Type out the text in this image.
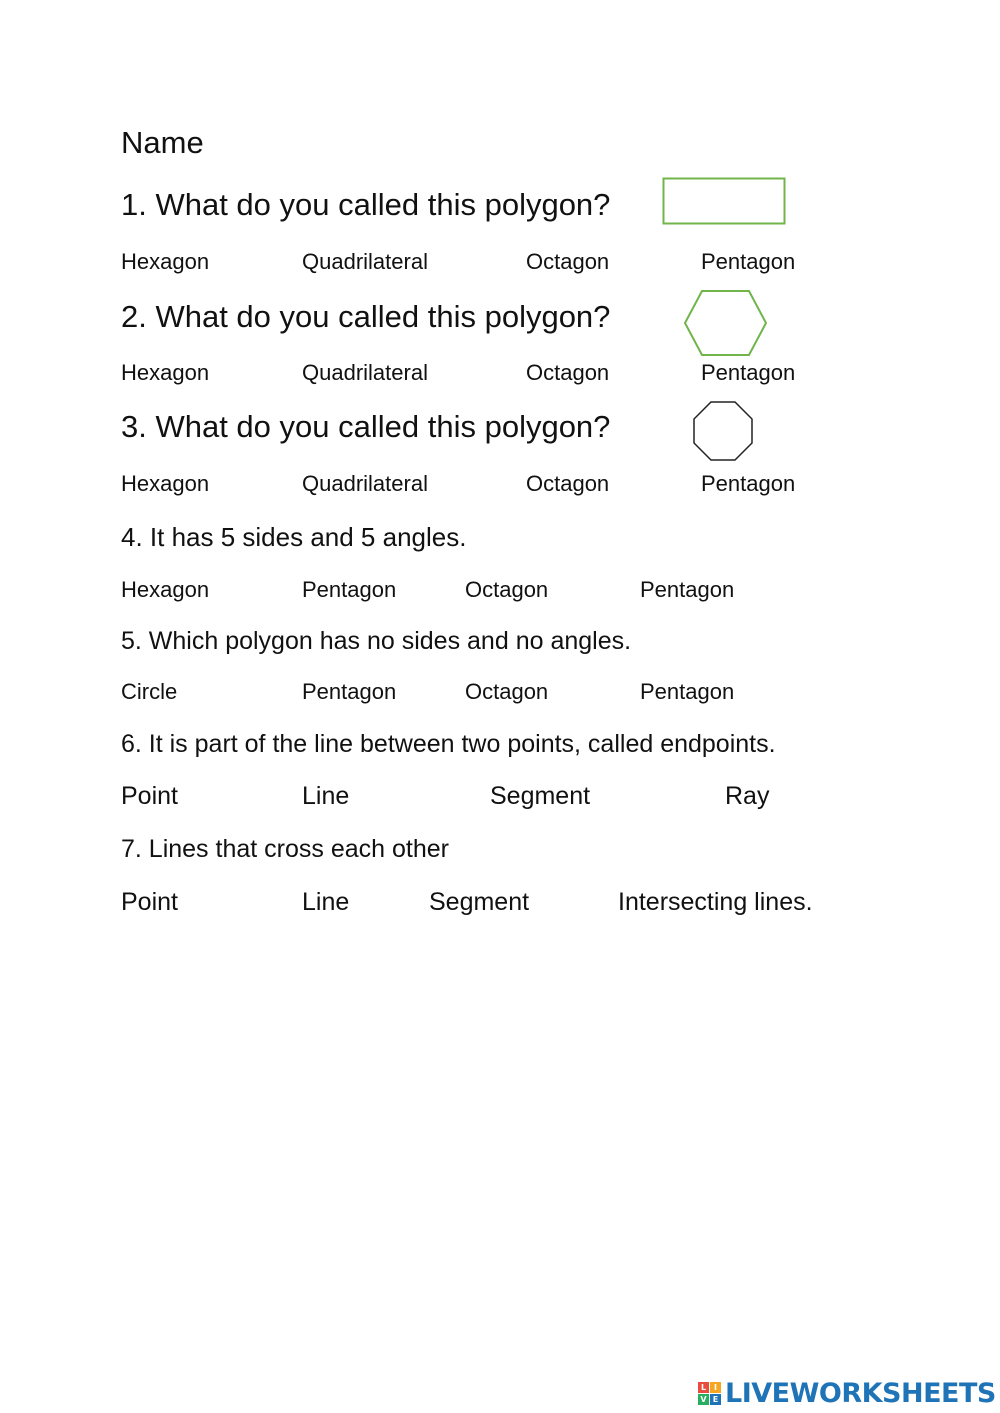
Name
1. What do you called this polygon?
Hexagon	Quadrilateral	Octagon	Pentagon
2. What do you called this polygon?
Hexagon	Quadrilateral	Octagon	Pentagon
3. What do you called this polygon?
Hexagon	Quadrilateral	Octagon	Pentagon
4. It has 5 sides and 5 angles.
Hexagon	Pentagon	Octagon	Pentagon
5. Which polygon has no sides and no angles.
Circle	Pentagon	Octagon	Pentagon
6. It is part of the line between two points, called endpoints.
Point	Line	Segment	Ray
7. Lines that cross each other
Point	Line	Segment	Intersecting lines.
L I
V E LIVEWORKSHEETS
